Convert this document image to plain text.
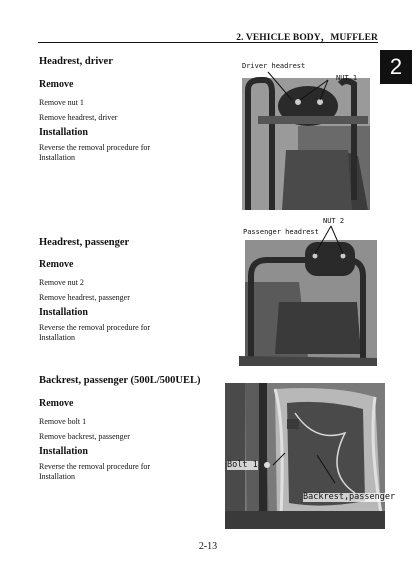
2. VEHICLE BODY，MUFFLER
2

Headrest, driver

Remove

Remove nut 1

Remove headrest, driver

Installation

Reverse the removal procedure for Installation

Headrest, passenger

Remove

Remove nut 2

Remove headrest, passenger

Installation

Reverse the removal procedure for Installation

Backrest, passenger (500L/500UEL)

Remove

Remove bolt 1

Remove backrest, passenger

Installation

Reverse the removal procedure for Installation

Driver headrest
NUT 1
NUT 2
Passenger headrest
Bolt 1
Backrest,passenger
2-13
